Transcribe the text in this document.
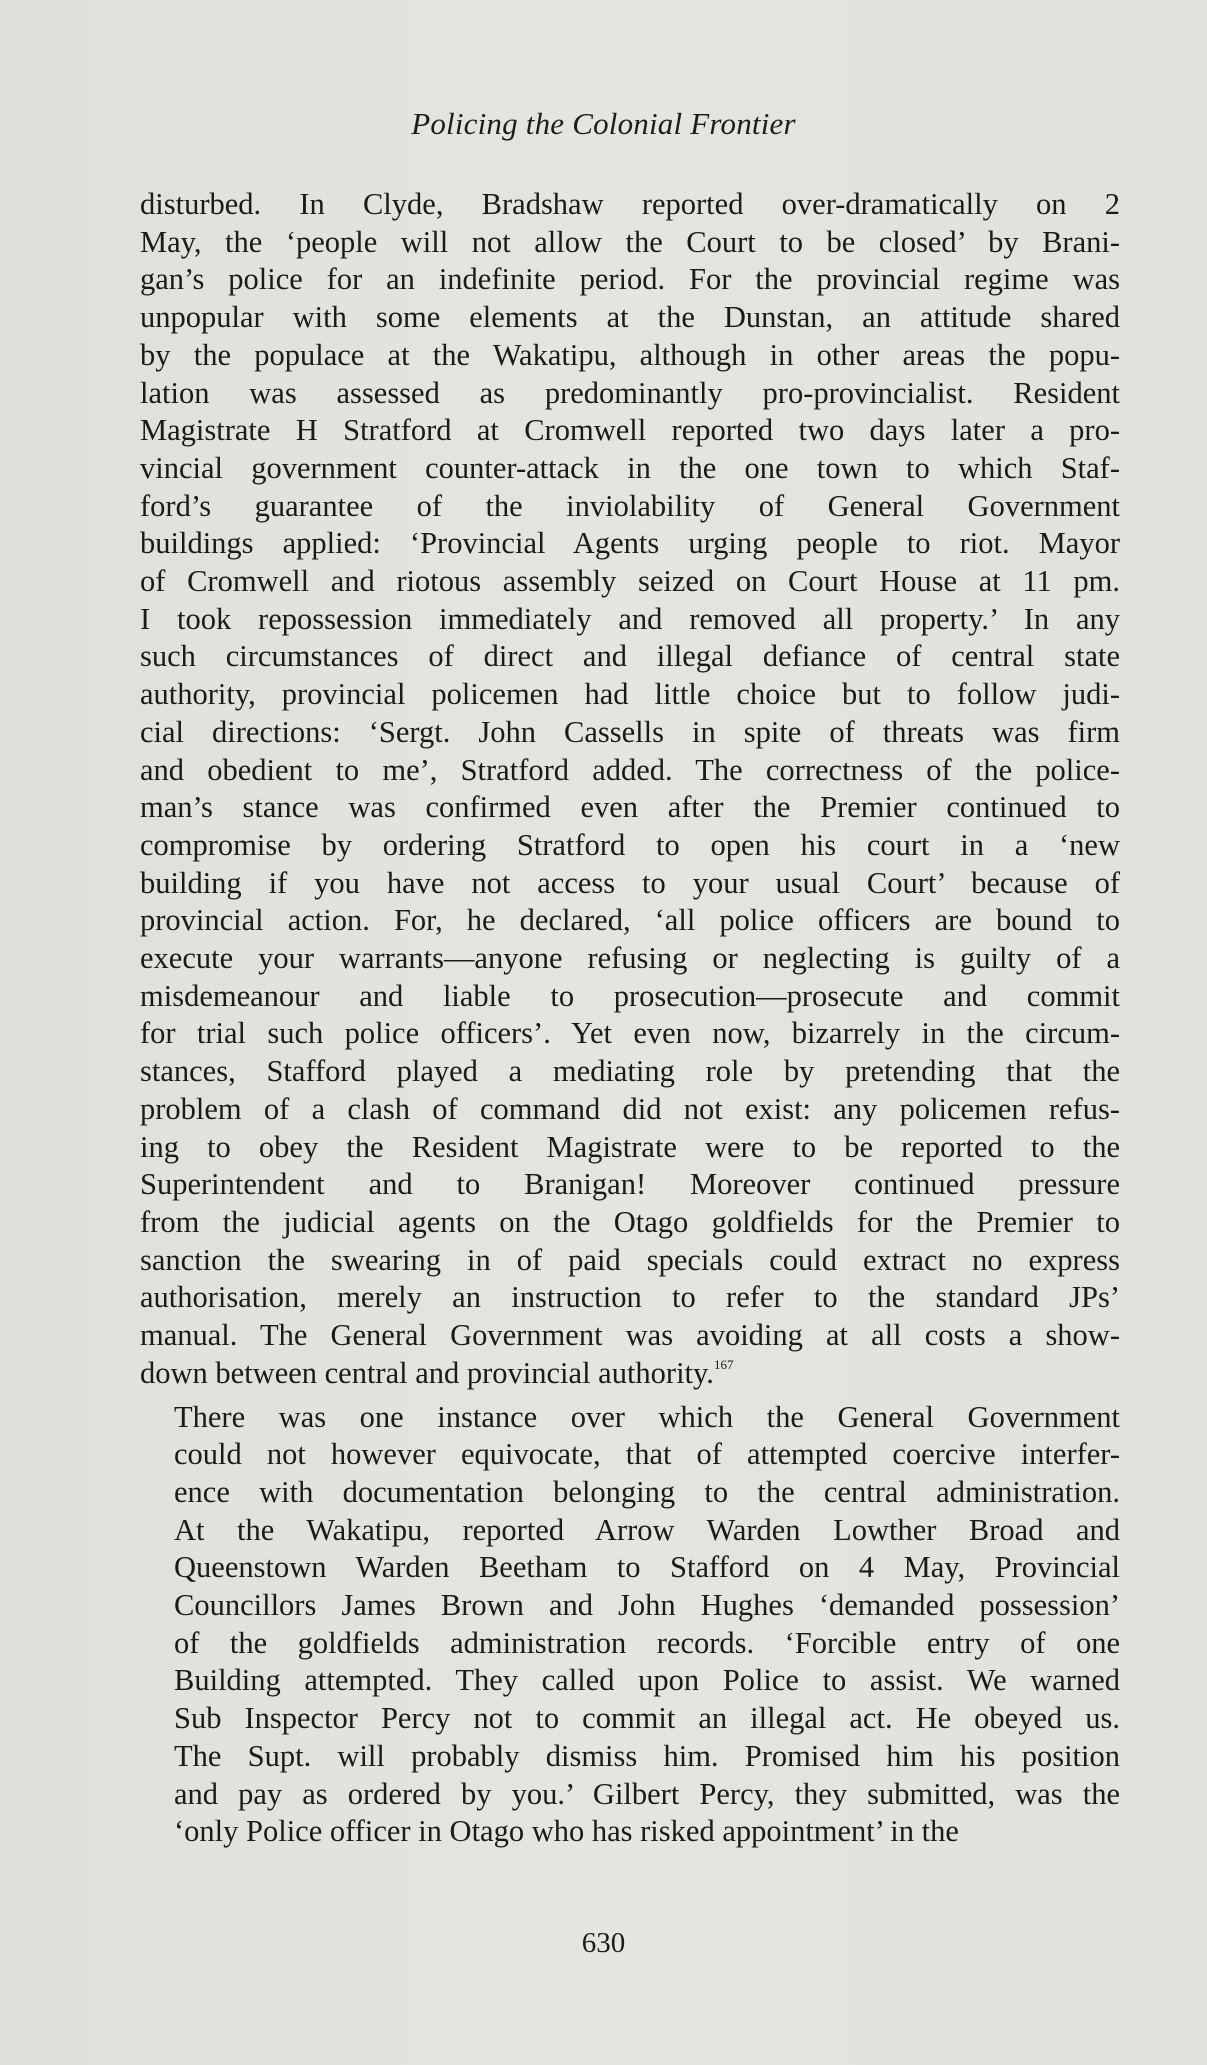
Policing the Colonial Frontier
disturbed. In Clyde, Bradshaw reported over-dramatically on 2
May, the ‘people will not allow the Court to be closed’ by Brani-
gan’s police for an indefinite period. For the provincial regime was
unpopular with some elements at the Dunstan, an attitude shared
by the populace at the Wakatipu, although in other areas the popu-
lation was assessed as predominantly pro-provincialist. Resident
Magistrate H Stratford at Cromwell reported two days later a pro-
vincial government counter-attack in the one town to which Staf-
ford’s guarantee of the inviolability of General Government
buildings applied: ‘Provincial Agents urging people to riot. Mayor
of Cromwell and riotous assembly seized on Court House at 11 pm.
I took repossession immediately and removed all property.’ In any
such circumstances of direct and illegal defiance of central state
authority, provincial policemen had little choice but to follow judi-
cial directions: ‘Sergt. John Cassells in spite of threats was firm
and obedient to me’, Stratford added. The correctness of the police-
man’s stance was confirmed even after the Premier continued to
compromise by ordering Stratford to open his court in a ‘new
building if you have not access to your usual Court’ because of
provincial action. For, he declared, ‘all police officers are bound to
execute your warrants—anyone refusing or neglecting is guilty of a
misdemeanour and liable to prosecution—prosecute and commit
for trial such police officers’. Yet even now, bizarrely in the circum-
stances, Stafford played a mediating role by pretending that the
problem of a clash of command did not exist: any policemen refus-
ing to obey the Resident Magistrate were to be reported to the
Superintendent and to Branigan! Moreover continued pressure
from the judicial agents on the Otago goldfields for the Premier to
sanction the swearing in of paid specials could extract no express
authorisation, merely an instruction to refer to the standard JPs’
manual. The General Government was avoiding at all costs a show-
down between central and provincial authority.$^{167}$
There was one instance over which the General Government
could not however equivocate, that of attempted coercive interfer-
ence with documentation belonging to the central administration.
At the Wakatipu, reported Arrow Warden Lowther Broad and
Queenstown Warden Beetham to Stafford on 4 May, Provincial
Councillors James Brown and John Hughes ‘demanded possession’
of the goldfields administration records. ‘Forcible entry of one
Building attempted. They called upon Police to assist. We warned
Sub Inspector Percy not to commit an illegal act. He obeyed us.
The Supt. will probably dismiss him. Promised him his position
and pay as ordered by you.’ Gilbert Percy, they submitted, was the
‘only Police officer in Otago who has risked appointment’ in the
630
